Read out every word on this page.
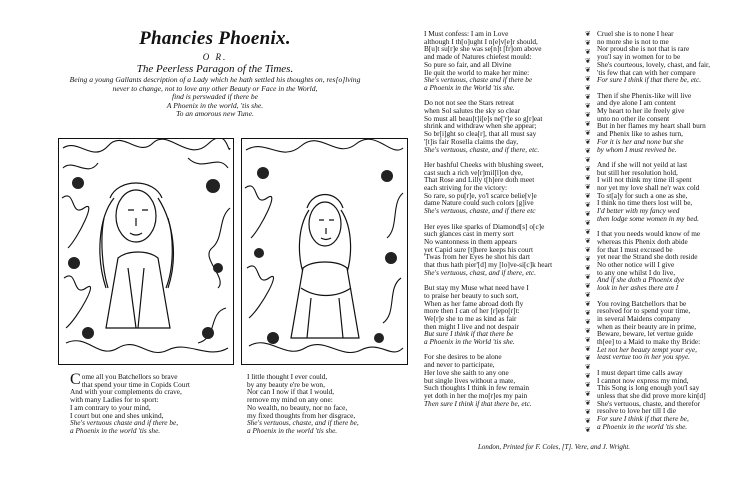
Phancies Phoenix.
O R.
The Peerless Paragon of the Times.
Being a young Gallants description of a Lady which he hath settled his thoughts on, res[o]lving
never to change, not to love any other Beauty or Face in the World,
find is perswaded if there be
A Phoenix in the world, 'tis she.
To an amorous new Tune.
Come all you Batchellors so brave
that spend your time in Copids Court
And with your complements do crave,
with many Ladies for to sport:
I am contrary to your mind,
I court but one and shes unkind,
She's vertuous chaste and if there be,
a Phoenix in the world 'tis she.
I little thought I ever could,
by any beauty e're be won,
Nor can I now if that I would,
remove my mind on any one:
No wealth, no beauty, nor no face,
my fixed thoughts from her disgrace,
She's vertuous, chaste, and if there be,
a Phoenix in the world 'tis she.
I Must confess: I am in Love
although I th[o]ught I n[e]v[e]r should,
B[u]t su[r]e she was se[n]t [fr]om above
and made of Natures chiefest mould:
So pure so fair, and all Divine
Ile quit the world to make her mine:
She's vertuous, chaste and if there be
a Phoenix in the World 'tis she.
Do not not see the Stars retreat
when Sol salutes the sky so clear
So must all beau[t]i[e]s ne['r]e so g[r]eat
shrink and withdraw when she appear;
So br[i]ght so clea[r], that all must say
'[t]is fair Rosella claims the day,
She's vertuous, chaste, and if there, etc.
Her bashful Cheeks with blushing sweet,
cast such a rich ve[r]mil[l]on dye,
That Rose and Lilly t[h]ere doth meet
each striving for the victory:
So rare, so pu[r]e, yo'l scarce belie[v]e
dame Nature could such colors [g]ive
She's vertuous, chaste, and if there etc
Her eyes like sparks of Diamond[s] o[c]e
such glances cast in merry sort
No wantonness in them appears
yet Capid sure [t]here keeps his court
'Twas from her Eyes he shot his dart
that thus hath pier'[d] my [lo]ve-si[c]k heart
She's vertuous, chast, and if there, etc.
But stay my Muse what need have I
to praise her beauty to such sort,
When as her fame abroad doth fly
more then I can of her [r]epo[r]t:
We[r]e she to me as kind as fair
then might I live and not despair
But sure I think if that there be
a Phoenix in the World 'tis she.
For she desires to be alone
and never to participate,
Her love she saith to any one
but single lives without a mate,
Such thoughts I think in few remain
yet doth in her the mo[r]es my pain
Then sure I think if that there be, etc.
❦
❦
❦
❦
❦
❦
❦
❦
❦
❦
❦
❦
❦
❦
❦
❦
❦
❦
❦
❦
❦
❦
❦
❦
❦
❦
❦
❦
❦
❦
❦
❦
❦
❦
❦
❦
❦
❦
❦
❦
❦
❦
❦
❦
❦
Cruel she is to none I hear
no more she is not to me
Nor proud she is not that is rare
you'l say in women for to be
She's courteous, lovely, chast, and fair,
'tis few that can with her compare
For sure I think if that there be, etc.
Then if she Phenix-like will live
and dye alone I am content
My heart to her ile freely give
unto no other ile consent
But in her flames my heart shall burn
and Phenix like to ashes turn,
For it is her and none but she
by whom I must revived be.
And if she will not yeild at last
but still her resolution hold,
I will not think my time ill spent
nor yet my love shall ne'r wax cold
To st[a]y for such a one as she,
I think no time thers lost will be,
I'd better with my fancy wed
then lodge some women in my bed.
I that you needs would know of me
whereas this Phenix doth abide
for that I must excused be
yet near the Strand she doth reside
No other notice will I give
to any one whilst I do live,
And if she doth a Phoenix dye
look in her ashes there am I
You roving Batchellors that be
resolved for to spend your time,
in several Maidens company
when as their beauty are in prime,
Beware, beware, let vertue guide
th[ee] to a Maid to make thy Bride:
Let not her beauty tempt your eye,
least vertue too in her you spye.
I must depart time calls away
I cannot now express my mind,
This Song is long enough you'l say
unless that she did prove more kin[d]
She's vertuous, chaste, and therefor
resolve to love her till I die
For sure I think if that there be,
a Phoenix in the world 'tis she.
London, Printed for F. Coles, [T]. Vere, and J. Wright.
